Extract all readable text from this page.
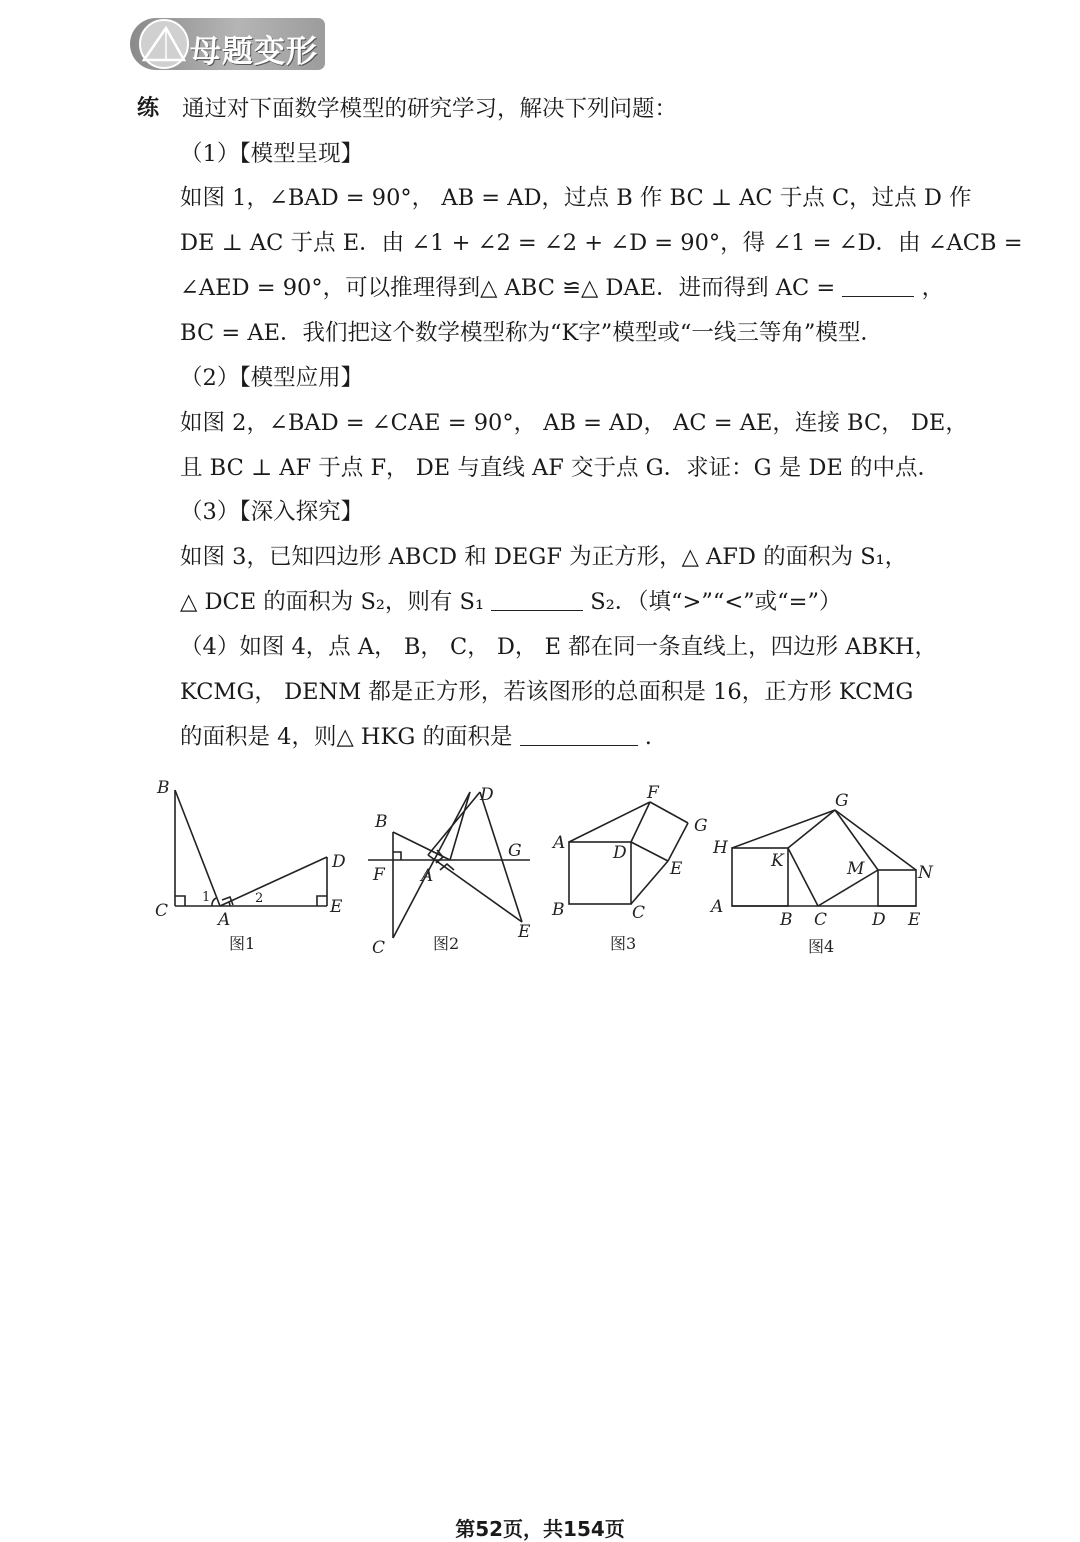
母题变形
练 通过对下面数学模型的研究学习，解决下列问题：
（1）【模型呈现】
如图 1，∠BAD = 90°， AB = AD，过点 B 作 BC ⊥ AC 于点 C，过点 D 作
DE ⊥ AC 于点 E．由 ∠1 + ∠2 = ∠2 + ∠D = 90°，得 ∠1 = ∠D．由 ∠ACB =
∠AED = 90°，可以推理得到△ ABC ≌△ DAE．进而得到 AC =	，
BC = AE．我们把这个数学模型称为“K字”模型或“一线三等角”模型．
（2）【模型应用】
如图 2，∠BAD = ∠CAE = 90°， AB = AD， AC = AE，连接 BC， DE，
且 BC ⊥ AF 于点 F， DE 与直线 AF 交于点 G．求证：G 是 DE 的中点．
（3）【深入探究】
如图 3，已知四边形 ABCD 和 DEGF 为正方形，△ AFD 的面积为 S₁，
△ DCE 的面积为 S₂，则有 S₁	S₂．（填“>”“<”或“=”）
（4）如图 4，点 A， B， C， D， E 都在同一条直线上，四边形 ABKH，
KCMG， DENM 都是正方形，若该图形的总面积是 16，正方形 KCMG
的面积是 4，则△ HKG 的面积是	.
B
C	A
1	2
D
E
D
B
G
F A
C
E
F
G
A	D
E
B	C
G
H
K	M	N
A
B C	D E
图1	图2	图3	图4
第52页，共154页
